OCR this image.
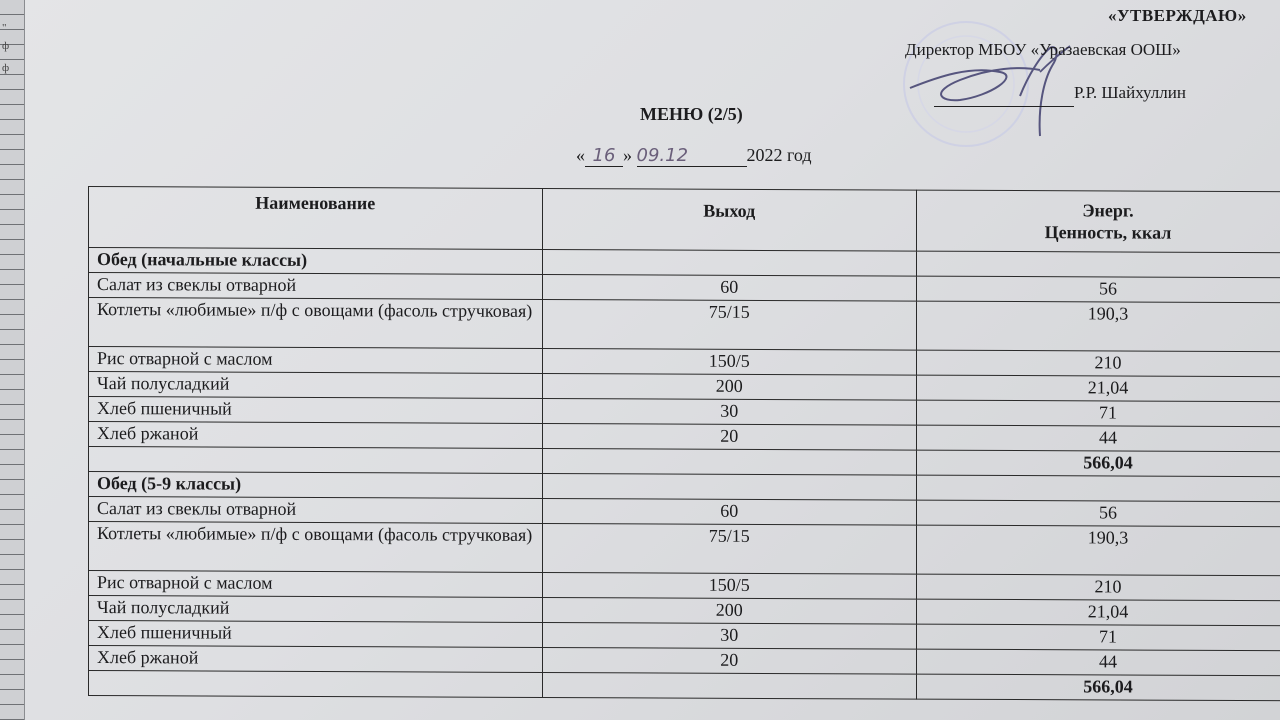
"
ф
ф
«УТВЕРЖДАЮ»
Директор МБОУ «Уразаевская ООШ»
Р.Р. Шайхуллин
МЕНЮ (2/5)
« 16 » 09.12	2022 год
Наименование	Выход	Энерг.
Ценность, ккал
Обед (начальные классы)		
Салат из свеклы отварной	60	56
Котлеты «любимые» п/ф с овощами (фасоль стручковая)	75/15	190,3
Рис отварной с маслом	150/5	210
Чай полусладкий	200	21,04
Хлеб пшеничный	30	71
Хлеб ржаной	20	44
		566,04
Обед (5-9 классы)		
Салат из свеклы отварной	60	56
Котлеты «любимые» п/ф с овощами (фасоль стручковая)	75/15	190,3
Рис отварной с маслом	150/5	210
Чай полусладкий	200	21,04
Хлеб пшеничный	30	71
Хлеб ржаной	20	44
		566,04
